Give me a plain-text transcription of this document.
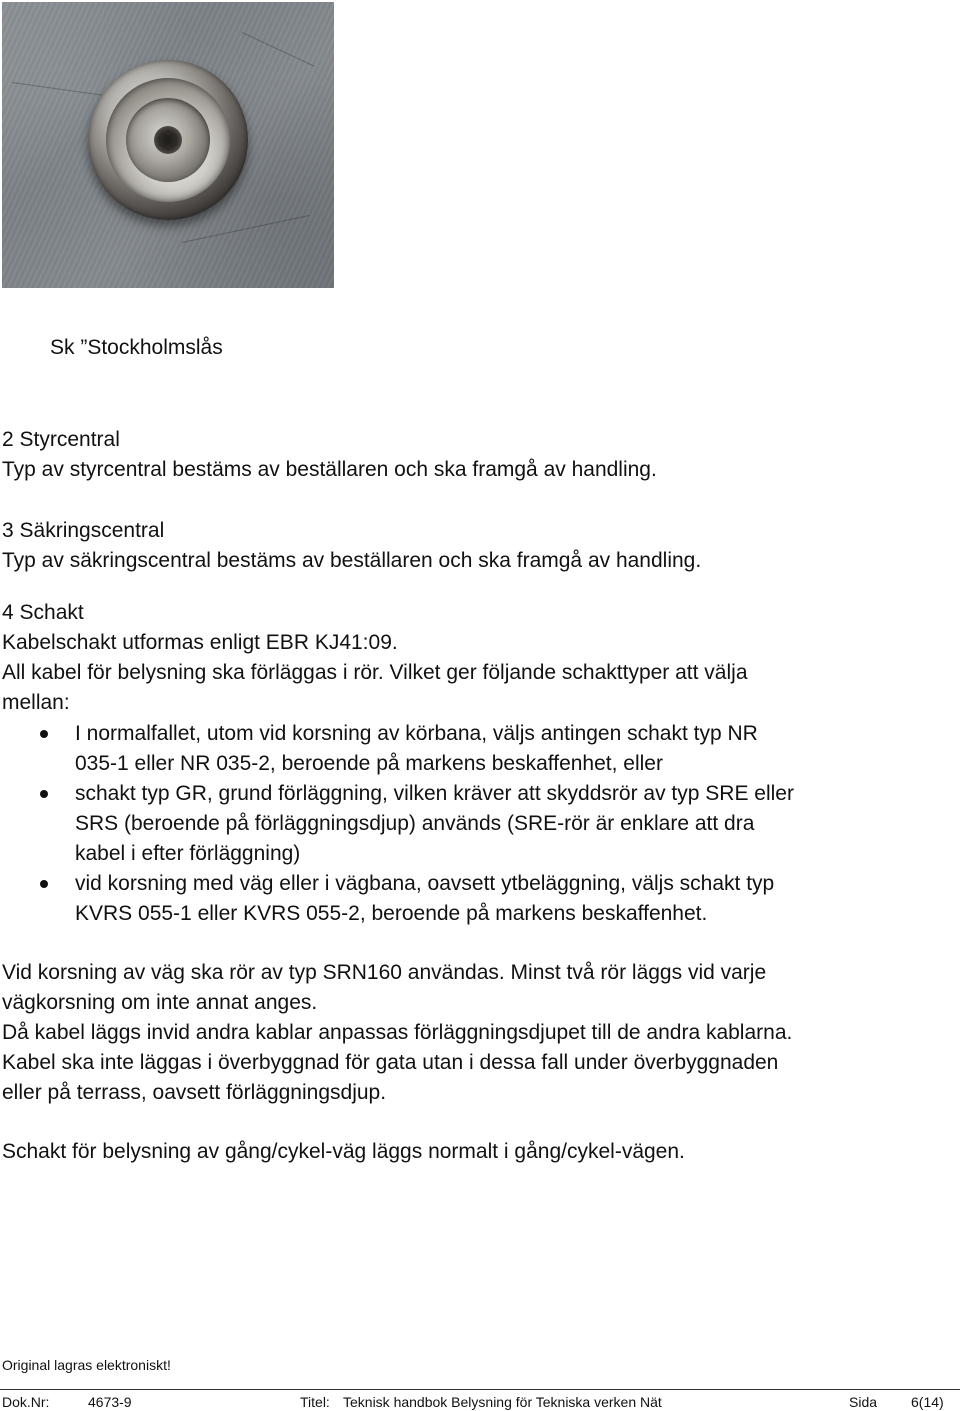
Sk ”Stockholmslås

2 Styrcentral

Typ av styrcentral bestäms av beställaren och ska framgå av handling.

3 Säkringscentral

Typ av säkringscentral bestäms av beställaren och ska framgå av handling.

4 Schakt

Kabelschakt utformas enligt EBR KJ41:09.

All kabel för belysning ska förläggas i rör. Vilket ger följande schakttyper att välja

mellan:

I normalfallet, utom vid korsning av körbana, väljs antingen schakt typ NR

035-1 eller NR 035-2, beroende på markens beskaffenhet, eller

schakt typ GR, grund förläggning, vilken kräver att skyddsrör av typ SRE eller

SRS (beroende på förläggningsdjup) används (SRE-rör är enklare att dra

kabel i efter förläggning)

vid korsning med väg eller i vägbana, oavsett ytbeläggning, väljs schakt typ

KVRS 055-1 eller KVRS 055-2, beroende på markens beskaffenhet.

Vid korsning av väg ska rör av typ SRN160 användas. Minst två rör läggs vid varje

vägkorsning om inte annat anges.

Då kabel läggs invid andra kablar anpassas förläggningsdjupet till de andra kablarna.

Kabel ska inte läggas i överbyggnad för gata utan i dessa fall under överbyggnaden

eller på terrass, oavsett förläggningsdjup.

Schakt för belysning av gång/cykel-väg läggs normalt i gång/cykel-vägen.

Original lagras elektroniskt!
Dok.Nr:	4673-9	Titel: Teknisk handbok Belysning för Tekniska verken Nät	Sida 6(14)
